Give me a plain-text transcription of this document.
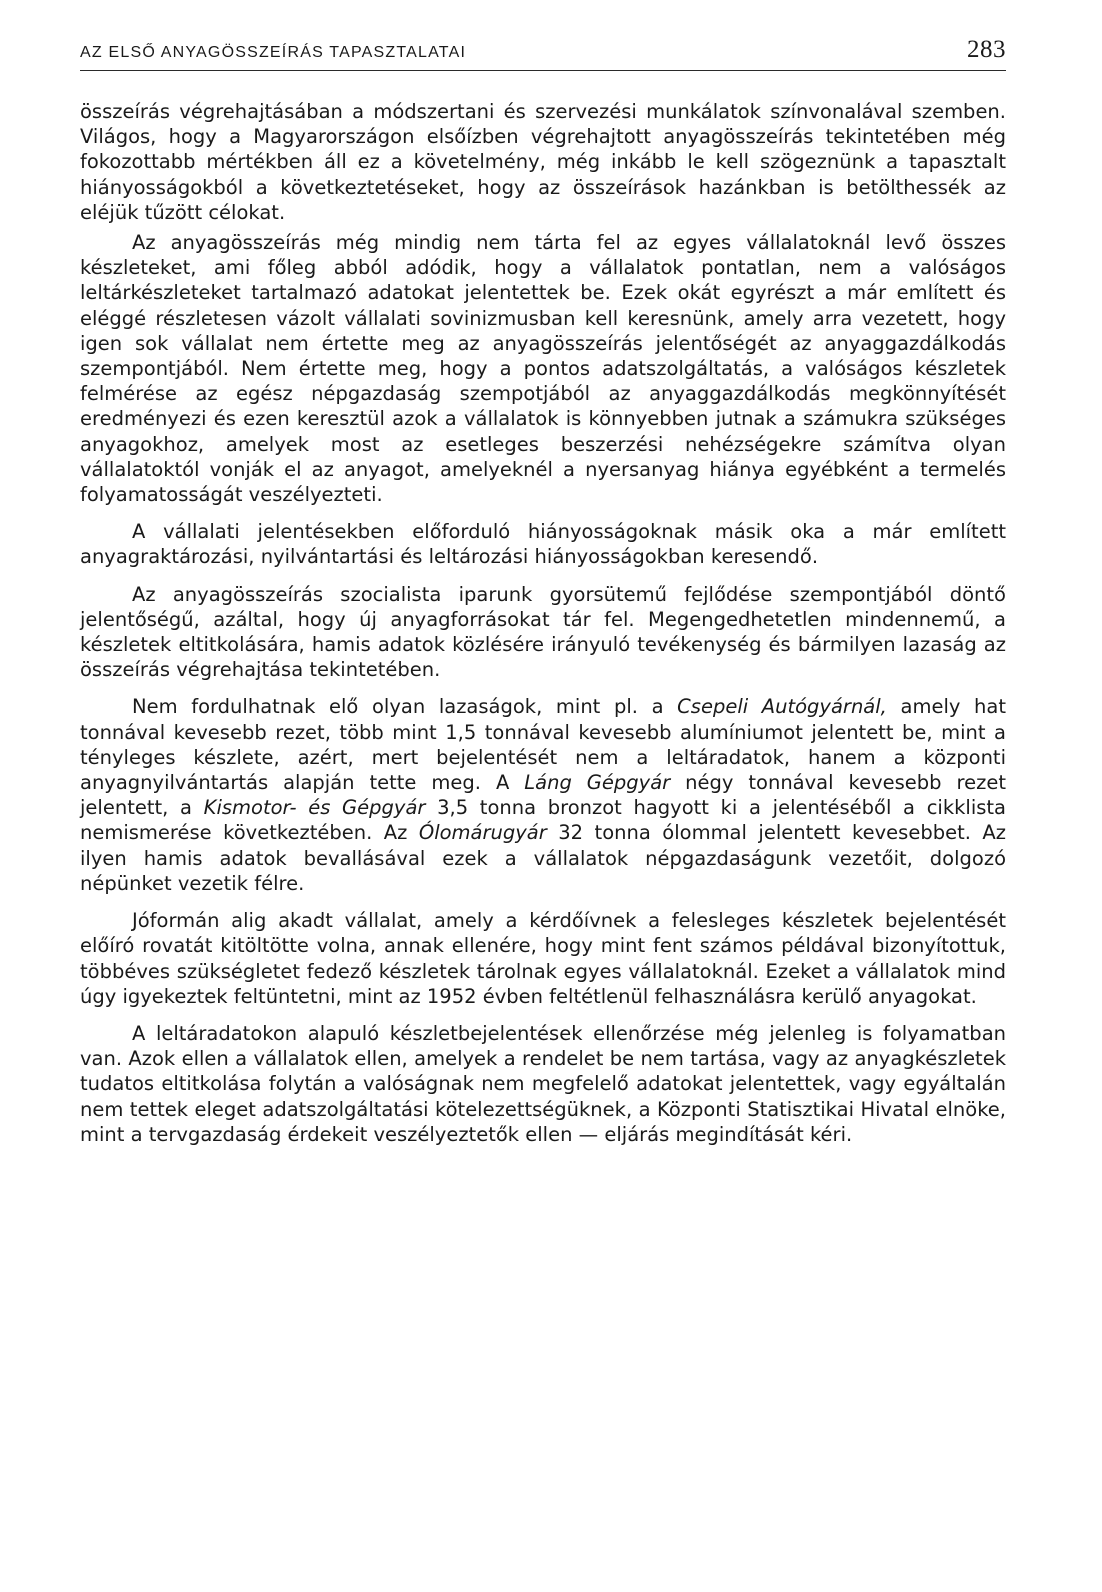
AZ ELSŐ ANYAGÖSSZEÍRÁS TAPASZTALATAI	283

összeírás végrehajtásában a módszertani és szervezési munkálatok színvonalával szemben. Világos, hogy a Magyarországon elsőízben végrehajtott anyagösszeírás tekintetében még fokozottabb mértékben áll ez a követelmény, még inkább le kell szögeznünk a tapasztalt hiányosságokból a következtetéseket, hogy az összeírások hazánkban is betölthessék az eléjük tűzött célokat.

Az anyagösszeírás még mindig nem tárta fel az egyes vállalatoknál levő összes készleteket, ami főleg abból adódik, hogy a vállalatok pontatlan, nem a valóságos leltárkészleteket tartalmazó adatokat jelentettek be. Ezek okát egyrészt a már említett és eléggé részletesen vázolt vállalati sovinizmusban kell keresnünk, amely arra vezetett, hogy igen sok vállalat nem értette meg az anyagösszeírás jelentőségét az anyaggazdálkodás szempontjából. Nem értette meg, hogy a pontos adatszolgáltatás, a valóságos készletek felmérése az egész népgazdaság szempotjából az anyaggazdálkodás megkönnyítését eredményezi és ezen keresztül azok a vállalatok is könnyebben jutnak a számukra szükséges anyagokhoz, amelyek most az esetleges beszerzési nehézségekre számítva olyan vállalatoktól vonják el az anyagot, amelyeknél a nyersanyag hiánya egyébként a termelés folyamatosságát veszélyezteti.

A vállalati jelentésekben előforduló hiányosságoknak másik oka a már említett anyagraktározási, nyilvántartási és leltározási hiányosságokban keresendő.

Az anyagösszeírás szocialista iparunk gyorsütemű fejlődése szempontjából döntő jelentőségű, azáltal, hogy új anyagforrásokat tár fel. Megengedhetetlen mindennemű, a készletek eltitkolására, hamis adatok közlésére irányuló tevékenység és bármilyen lazaság az összeírás végrehajtása tekintetében.

Nem fordulhatnak elő olyan lazaságok, mint pl. a Csepeli Autógyárnál, amely hat tonnával kevesebb rezet, több mint 1,5 tonnával kevesebb alumíniumot jelentett be, mint a tényleges készlete, azért, mert bejelentését nem a leltáradatok, hanem a központi anyagnyilvántartás alapján tette meg. A Láng Gépgyár négy tonnával kevesebb rezet jelentett, a Kismotor- és Gépgyár 3,5 tonna bronzot hagyott ki a jelentéséből a cikklista nemismerése következtében. Az Ólomárugyár 32 tonna ólommal jelentett kevesebbet. Az ilyen hamis adatok bevallásával ezek a vállalatok népgazdaságunk vezetőit, dolgozó népünket vezetik félre.

Jóformán alig akadt vállalat, amely a kérdőívnek a felesleges készletek bejelentését előíró rovatát kitöltötte volna, annak ellenére, hogy mint fent számos példával bizonyítottuk, többéves szükségletet fedező készletek tárolnak egyes vállalatoknál. Ezeket a vállalatok mind úgy igyekeztek feltüntetni, mint az 1952 évben feltétlenül felhasználásra kerülő anyagokat.

A leltáradatokon alapuló készletbejelentések ellenőrzése még jelenleg is folyamatban van. Azok ellen a vállalatok ellen, amelyek a rendelet be nem tartása, vagy az anyagkészletek tudatos eltitkolása folytán a valóságnak nem megfelelő adatokat jelentettek, vagy egyáltalán nem tettek eleget adatszolgáltatási kötelezettségüknek, a Központi Statisztikai Hivatal elnöke, mint a tervgazdaság érdekeit veszélyeztetők ellen — eljárás megindítását kéri.
